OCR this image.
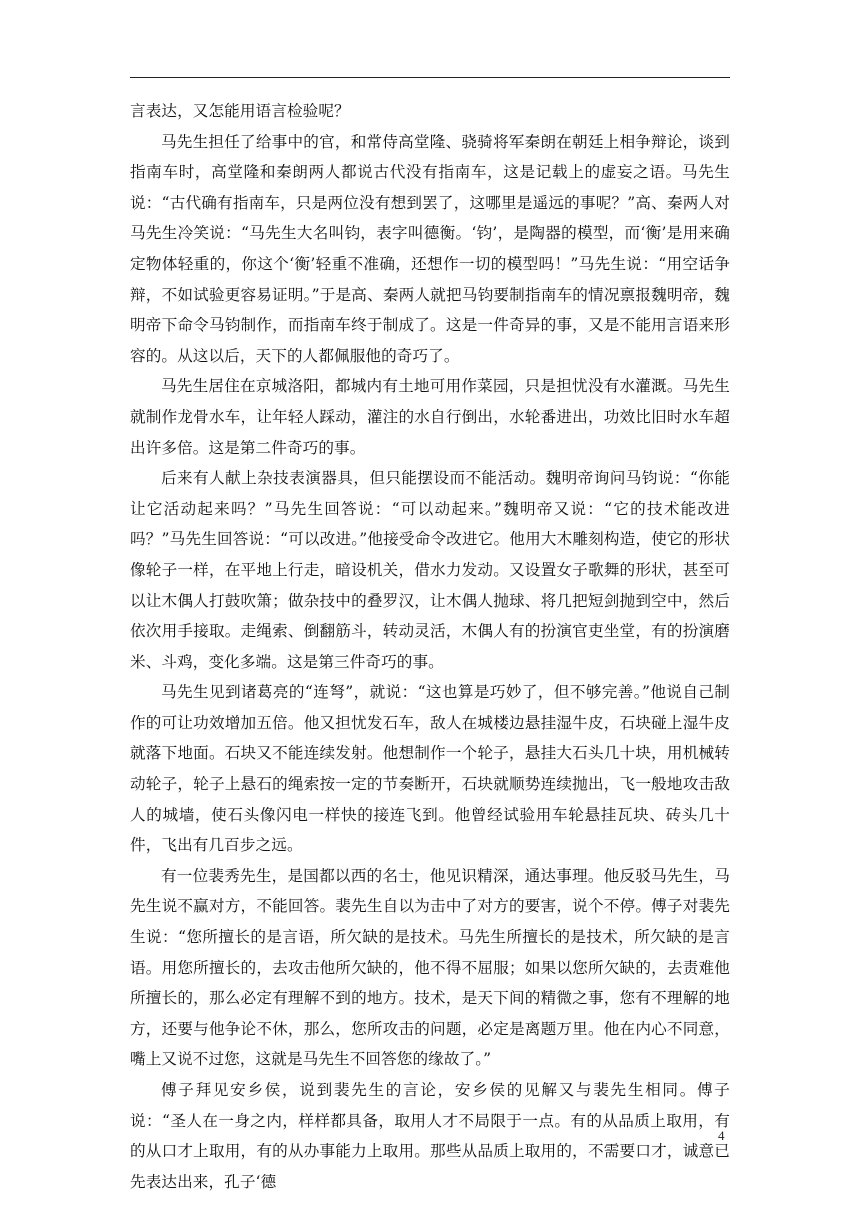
言表达，又怎能用语言检验呢？

马先生担任了给事中的官，和常侍高堂隆、骁骑将军秦朗在朝廷上相争辩论，谈到指南车时，高堂隆和秦朗两人都说古代没有指南车，这是记载上的虚妄之语。马先生说：“古代确有指南车，只是两位没有想到罢了，这哪里是遥远的事呢？”高、秦两人对马先生冷笑说：“马先生大名叫钧，表字叫德衡。‘钧’，是陶器的模型，而‘衡’是用来确定物体轻重的，你这个‘衡’轻重不准确，还想作一切的模型吗！”马先生说：“用空话争辩，不如试验更容易证明。”于是高、秦两人就把马钧要制指南车的情况禀报魏明帝，魏明帝下命令马钧制作，而指南车终于制成了。这是一件奇异的事，又是不能用言语来形容的。从这以后，天下的人都佩服他的奇巧了。

马先生居住在京城洛阳，都城内有土地可用作菜园，只是担忧没有水灌溉。马先生就制作龙骨水车，让年轻人踩动，灌注的水自行倒出，水轮番进出，功效比旧时水车超出许多倍。这是第二件奇巧的事。

后来有人献上杂技表演器具，但只能摆设而不能活动。魏明帝询问马钧说：“你能让它活动起来吗？”马先生回答说：“可以动起来。”魏明帝又说：“它的技术能改进吗？”马先生回答说：“可以改进。”他接受命令改进它。他用大木雕刻构造，使它的形状像轮子一样，在平地上行走，暗设机关，借水力发动。又设置女子歌舞的形状，甚至可以让木偶人打鼓吹箫；做杂技中的叠罗汉，让木偶人抛球、将几把短剑抛到空中，然后依次用手接取。走绳索、倒翻筋斗，转动灵活，木偶人有的扮演官吏坐堂，有的扮演磨米、斗鸡，变化多端。这是第三件奇巧的事。

马先生见到诸葛亮的“连弩”，就说：“这也算是巧妙了，但不够完善。”他说自己制作的可让功效增加五倍。他又担忧发石车，敌人在城楼边悬挂湿牛皮，石块碰上湿牛皮就落下地面。石块又不能连续发射。他想制作一个轮子，悬挂大石头几十块，用机械转动轮子，轮子上悬石的绳索按一定的节奏断开，石块就顺势连续抛出，飞一般地攻击敌人的城墙，使石头像闪电一样快的接连飞到。他曾经试验用车轮悬挂瓦块、砖头几十件，飞出有几百步之远。

有一位裴秀先生，是国都以西的名士，他见识精深，通达事理。他反驳马先生，马先生说不赢对方，不能回答。裴先生自以为击中了对方的要害，说个不停。傅子对裴先生说：“您所擅长的是言语，所欠缺的是技术。马先生所擅长的是技术，所欠缺的是言语。用您所擅长的，去攻击他所欠缺的，他不得不屈服；如果以您所欠缺的，去责难他所擅长的，那么必定有理解不到的地方。技术，是天下间的精微之事，您有不理解的地方，还要与他争论不休，那么，您所攻击的问题，必定是离题万里。他在内心不同意，嘴上又说不过您，这就是马先生不回答您的缘故了。”

傅子拜见安乡侯，说到裴先生的言论，安乡侯的见解又与裴先生相同。傅子说：“圣人在一身之内，样样都具备，取用人才不局限于一点。有的从品质上取用，有的从口才上取用，有的从办事能力上取用。那些从品质上取用的，不需要口才，诚意已先表达出来，孔子‘德

4
